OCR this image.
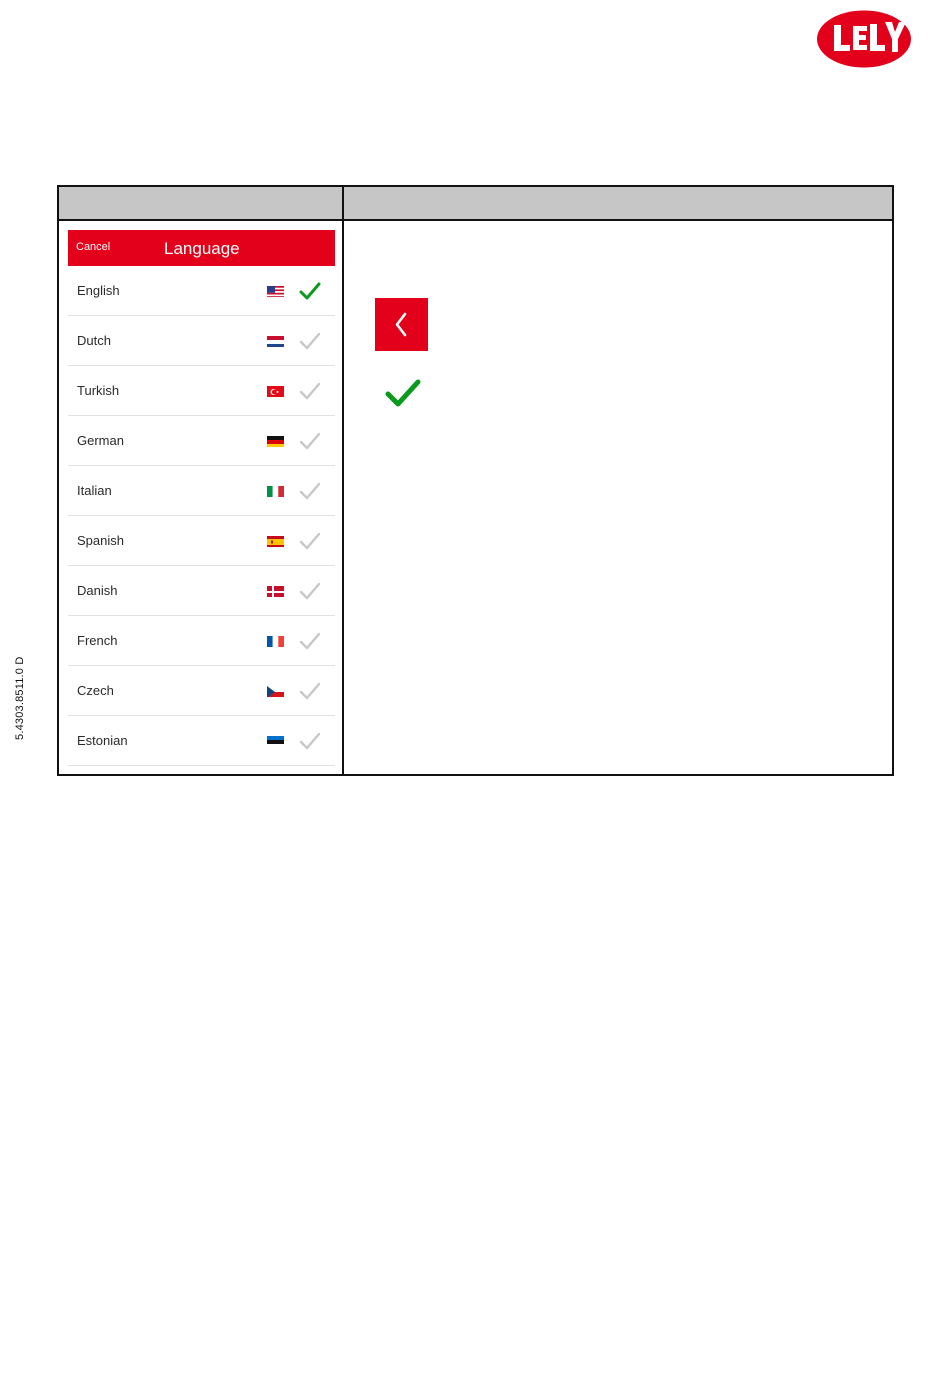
5.4303.8511.0 D
Cancel	Language
English
Dutch
Turkish
German
Italian
Spanish
Danish
French
Czech
Estonian
